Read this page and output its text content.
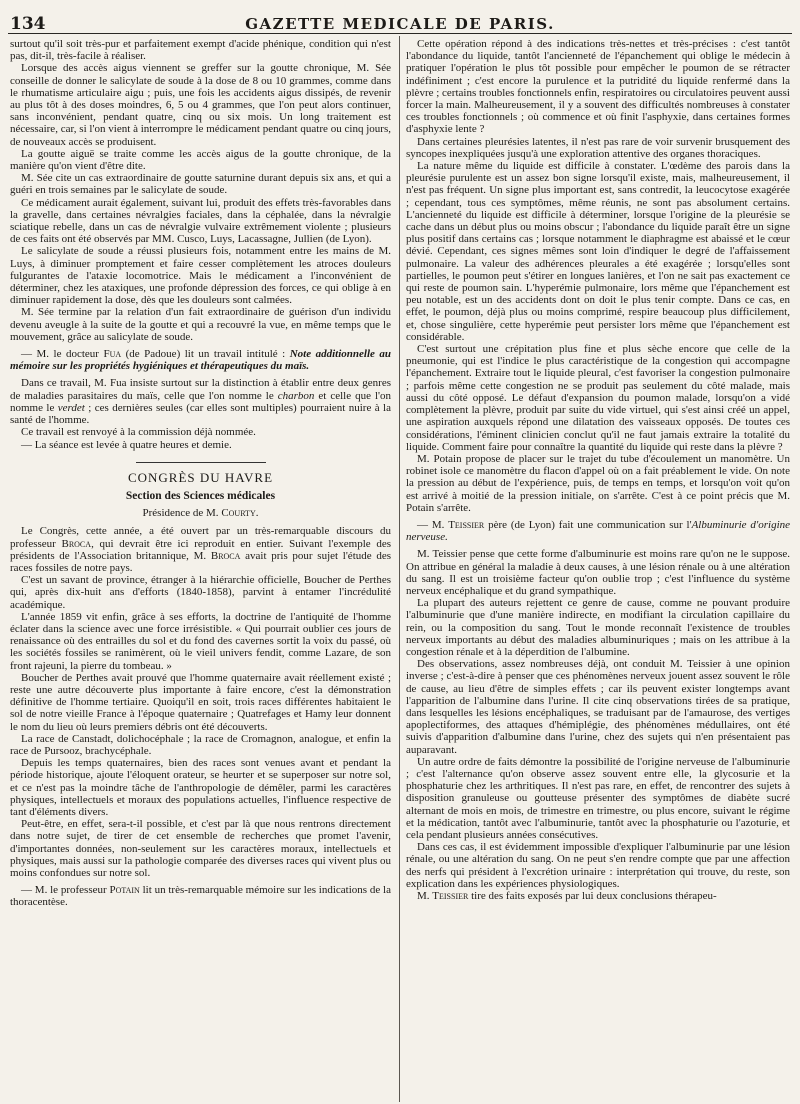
134	GAZETTE MEDICALE DE PARIS.

surtout qu'il soit très-pur et parfaitement exempt d'acide phénique, condition qui n'est pas, dit-il, très-facile à réaliser.

Lorsque des accès aigus viennent se greffer sur la goutte chronique, M. Sée conseille de donner le salicylate de soude à la dose de 8 ou 10 grammes, comme dans le rhumatisme articulaire aigu ; puis, une fois les accidents aigus dissipés, de revenir au plus tôt à des doses moindres, 6, 5 ou 4 grammes, que l'on peut alors continuer, sans inconvénient, pendant quatre, cinq ou six mois. Un long traitement est nécessaire, car, si l'on vient à interrompre le médicament pendant quatre ou cinq jours, de nouveaux accès se produisent.

La goutte aiguë se traite comme les accès aigus de la goutte chronique, de la manière qu'on vient d'être dite.

M. Sée cite un cas extraordinaire de goutte saturnine durant depuis six ans, et qui a guéri en trois semaines par le salicylate de soude.

Ce médicament aurait également, suivant lui, produit des effets très-favorables dans la gravelle, dans certaines névralgies faciales, dans la céphalée, dans la névralgie sciatique rebelle, dans un cas de névralgie vulvaire extrêmement violente ; plusieurs de ces faits ont été observés par MM. Cusco, Luys, Lacassagne, Jullien (de Lyon).

Le salicylate de soude a réussi plusieurs fois, notamment entre les mains de M. Luys, à diminuer promptement et faire cesser complètement les atroces douleurs fulgurantes de l'ataxie locomotrice. Mais le médicament a l'inconvénient de déterminer, chez les ataxiques, une profonde dépression des forces, ce qui oblige à en diminuer rapidement la dose, dès que les douleurs sont calmées.

M. Sée termine par la relation d'un fait extraordinaire de guérison d'un individu devenu aveugle à la suite de la goutte et qui a recouvré la vue, en même temps que le mouvement, grâce au salicylate de soude.

— M. le docteur Fua (de Padoue) lit un travail intitulé : Note additionnelle au mémoire sur les propriétés hygiéniques et thérapeutiques du maïs.

Dans ce travail, M. Fua insiste surtout sur la distinction à établir entre deux genres de maladies parasitaires du maïs, celle que l'on nomme le charbon et celle que l'on nomme le verdet ; ces dernières seules (car elles sont multiples) pourraient nuire à la santé de l'homme.

Ce travail est renvoyé à la commission déjà nommée.

— La séance est levée à quatre heures et demie.

CONGRÈS DU HAVRE

Section des Sciences médicales

Présidence de M. Courty.

Le Congrès, cette année, a été ouvert par un très-remarquable discours du professeur Broca, qui devrait être ici reproduit en entier. Suivant l'exemple des présidents de l'Association britannique, M. Broca avait pris pour sujet l'étude des races fossiles de notre pays.

C'est un savant de province, étranger à la hiérarchie officielle, Boucher de Perthes qui, après dix-huit ans d'efforts (1840-1858), parvint à entamer l'incrédulité académique.

L'année 1859 vit enfin, grâce à ses efforts, la doctrine de l'antiquité de l'homme éclater dans la science avec une force irrésistible. « Qui pourrait oublier ces jours de renaissance où des entrailles du sol et du fond des cavernes sortit la voix du passé, où les sociétés fossiles se ranimèrent, où le vieil univers fendit, comme Lazare, de son front rajeuni, la pierre du tombeau. »

Boucher de Perthes avait prouvé que l'homme quaternaire avait réellement existé ; reste une autre découverte plus importante à faire encore, c'est la démonstration définitive de l'homme tertiaire. Quoiqu'il en soit, trois races différentes habitaient le sol de notre vieille France à l'époque quaternaire ; Quatrefages et Hamy leur donnent le nom du lieu où leurs premiers débris ont été découverts.

La race de Canstadt, dolichocéphale ; la race de Cromagnon, analogue, et enfin la race de Pursooz, brachycéphale.

Depuis les temps quaternaires, bien des races sont venues avant et pendant la période historique, ajoute l'éloquent orateur, se heurter et se superposer sur notre sol, et ce n'est pas la moindre tâche de l'anthropologie de démêler, parmi les caractères physiques, intellectuels et moraux des populations actuelles, l'influence respective de tant d'éléments divers.

Peut-être, en effet, sera-t-il possible, et c'est par là que nous rentrons directement dans notre sujet, de tirer de cet ensemble de recherches que promet l'avenir, d'importantes données, non-seulement sur les caractères moraux, intellectuels et physiques, mais aussi sur la pathologie comparée des diverses races qui vivent plus ou moins confondues sur notre sol.

— M. le professeur Potain lit un très-remarquable mémoire sur les indications de la thoracentèse.

Cette opération répond à des indications très-nettes et très-précises : c'est tantôt l'abondance du liquide, tantôt l'ancienneté de l'épanchement qui oblige le médecin à pratiquer l'opération le plus tôt possible pour empêcher le poumon de se rétracter indéfiniment ; c'est encore la purulence et la putridité du liquide renfermé dans la plèvre ; certains troubles fonctionnels enfin, respiratoires ou circulatoires peuvent aussi forcer la main. Malheureusement, il y a souvent des difficultés nombreuses à constater ces troubles fonctionnels ; où commence et où finit l'asphyxie, dans certaines formes d'asphyxie lente ?

Dans certaines pleurésies latentes, il n'est pas rare de voir survenir brusquement des syncopes inexpliquées jusqu'à une exploration attentive des organes thoraciques.

La nature même du liquide est difficile à constater. L'œdème des parois dans la pleurésie purulente est un assez bon signe lorsqu'il existe, mais, malheureusement, il n'est pas fréquent. Un signe plus important est, sans contredit, la leucocytose exagérée ; cependant, tous ces symptômes, même réunis, ne sont pas absolument certains. L'ancienneté du liquide est difficile à déterminer, lorsque l'origine de la pleurésie se cache dans un début plus ou moins obscur ; l'abondance du liquide paraît être un signe plus positif dans certains cas ; lorsque notamment le diaphragme est abaissé et le cœur dévié. Cependant, ces signes mêmes sont loin d'indiquer le degré de l'affaissement pulmonaire. La valeur des adhérences pleurales a été exagérée ; lorsqu'elles sont partielles, le poumon peut s'étirer en longues lanières, et l'on ne sait pas exactement ce qui reste de poumon sain. L'hyperémie pulmonaire, lors même que l'épanchement est peu notable, est un des accidents dont on doit le plus tenir compte. Dans ce cas, en effet, le poumon, déjà plus ou moins comprimé, respire beaucoup plus difficilement, et, chose singulière, cette hyperémie peut persister lors même que l'épanchement est considérable.

C'est surtout une crépitation plus fine et plus sèche encore que celle de la pneumonie, qui est l'indice le plus caractéristique de la congestion qui accompagne l'épanchement. Extraire tout le liquide pleural, c'est favoriser la congestion pulmonaire ; parfois même cette congestion ne se produit pas seulement du côté malade, mais aussi du côté opposé. Le défaut d'expansion du poumon malade, lorsqu'on a vidé complètement la plèvre, produit par suite du vide virtuel, qui s'est ainsi créé un appel, une aspiration auxquels répond une dilatation des vaisseaux opposés. De toutes ces considérations, l'éminent clinicien conclut qu'il ne faut jamais extraire la totalité du liquide. Comment faire pour connaître la quantité du liquide qui reste dans la plèvre ?

M. Potain propose de placer sur le trajet du tube d'écoulement un manomètre. Un robinet isole ce manomètre du flacon d'appel où on a fait préablement le vide. On note la pression au début de l'expérience, puis, de temps en temps, et lorsqu'on voit qu'on est arrivé à moitié de la pression initiale, on s'arrête. C'est à ce point précis que M. Potain s'arrête.

— M. Teissier père (de Lyon) fait une communication sur l'Albuminurie d'origine nerveuse.

M. Teissier pense que cette forme d'albuminurie est moins rare qu'on ne le suppose. On attribue en général la maladie à deux causes, à une lésion rénale ou à une altération du sang. Il est un troisième facteur qu'on oublie trop ; c'est l'influence du système nerveux encéphalique et du grand sympathique.

La plupart des auteurs rejettent ce genre de cause, comme ne pouvant produire l'albuminurie que d'une manière indirecte, en modifiant la circulation capillaire du rein, ou la composition du sang. Tout le monde reconnaît l'existence de troubles nerveux importants au début des maladies albuminuriques ; mais on les attribue à la congestion rénale et à la déperdition de l'albumine.

Des observations, assez nombreuses déjà, ont conduit M. Teissier à une opinion inverse ; c'est-à-dire à penser que ces phénomènes nerveux jouent assez souvent le rôle de cause, au lieu d'être de simples effets ; car ils peuvent exister longtemps avant l'apparition de l'albumine dans l'urine. Il cite cinq observations tirées de sa pratique, dans lesquelles les lésions encéphaliques, se traduisant par de l'amaurose, des vertiges apoplectiformes, des attaques d'hémiplégie, des phénomènes médullaires, ont été suivis d'apparition d'albumine dans l'urine, chez des sujets qui n'en présentaient pas auparavant.

Un autre ordre de faits démontre la possibilité de l'origine nerveuse de l'albuminurie ; c'est l'alternance qu'on observe assez souvent entre elle, la glycosurie et la phosphaturie chez les arthritiques. Il n'est pas rare, en effet, de rencontrer des sujets à disposition granuleuse ou goutteuse présenter des symptômes de diabète sucré alternant de mois en mois, de trimestre en trimestre, ou plus encore, suivant le régime et la médication, tantôt avec l'albuminurie, tantôt avec la phosphaturie ou l'azoturie, et cela pendant plusieurs années consécutives.

Dans ces cas, il est évidemment impossible d'expliquer l'albuminurie par une lésion rénale, ou une altération du sang. On ne peut s'en rendre compte que par une affection des nerfs qui président à l'excrétion urinaire : interprétation qui trouve, du reste, son explication dans les expériences physiologiques.

M. Teissier tire des faits exposés par lui deux conclusions thérapeu-
